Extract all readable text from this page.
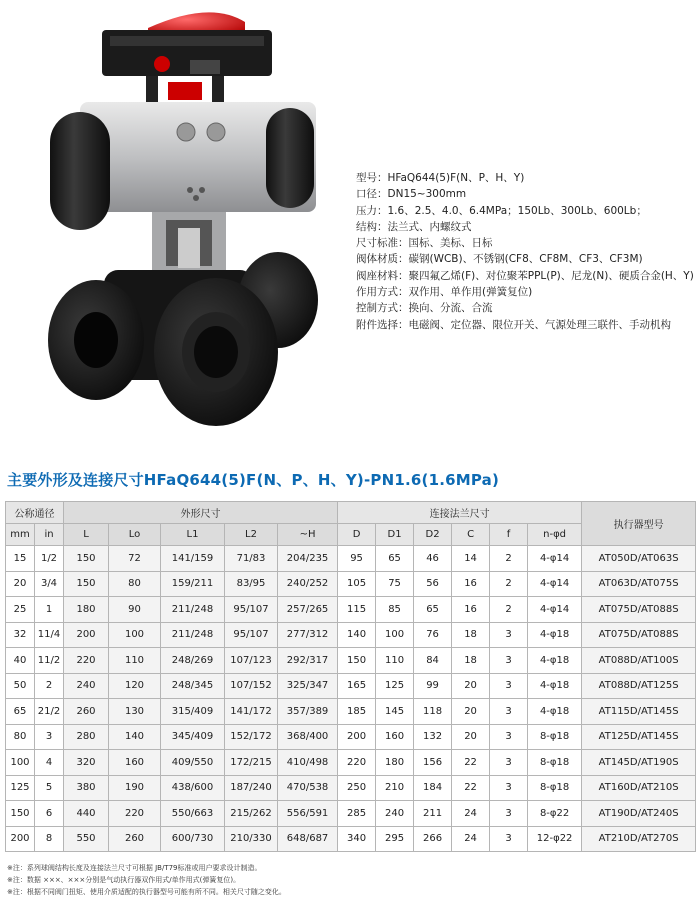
型号：HFaQ644(5)F(N、P、H、Y)
口径：DN15~300mm
压力：1.6、2.5、4.0、6.4MPa；150Lb、300Lb、600Lb；
结构：法兰式、内螺纹式
尺寸标准：国标、美标、日标
阀体材质：碳钢(WCB)、不锈钢(CF8、CF8M、CF3、CF3M)
阀座材料：聚四氟乙烯(F)、对位聚苯PPL(P)、尼龙(N)、硬质合金(H、Y)
作用方式：双作用、单作用(弹簧复位)
控制方式：换向、分流、合流
附件选择：电磁阀、定位器、限位开关、气源处理三联件、手动机构
主要外形及连接尺寸HFaQ644(5)F(N、P、H、Y)-PN1.6(1.6MPa)
公称通径		外形尺寸					连接法兰尺寸						执行器型号
mm	in	L	Lo	L1	L2	~H	D	D1	D2	C	f	n-φd	
15	1/2	150	72	141/159	71/83	204/235	95	65	46	14	2	4-φ14	AT050D/AT063S
20	3/4	150	80	159/211	83/95	240/252	105	75	56	16	2	4-φ14	AT063D/AT075S
25	1	180	90	211/248	95/107	257/265	115	85	65	16	2	4-φ14	AT075D/AT088S
32	11/4	200	100	211/248	95/107	277/312	140	100	76	18	3	4-φ18	AT075D/AT088S
40	11/2	220	110	248/269	107/123	292/317	150	110	84	18	3	4-φ18	AT088D/AT100S
50	2	240	120	248/345	107/152	325/347	165	125	99	20	3	4-φ18	AT088D/AT125S
65	21/2	260	130	315/409	141/172	357/389	185	145	118	20	3	4-φ18	AT115D/AT145S
80	3	280	140	345/409	152/172	368/400	200	160	132	20	3	8-φ18	AT125D/AT145S
100	4	320	160	409/550	172/215	410/498	220	180	156	22	3	8-φ18	AT145D/AT190S
125	5	380	190	438/600	187/240	470/538	250	210	184	22	3	8-φ18	AT160D/AT210S
150	6	440	220	550/663	215/262	556/591	285	240	211	24	3	8-φ22	AT190D/AT240S
200	8	550	260	600/730	210/330	648/687	340	295	266	24	3	12-φ22	AT210D/AT270S
※注：系列球阀结构长度及连接法兰尺寸可根据 JB/T79标准或用户要求设计制造。
※注：数据 ×××、×××分别是气动执行器双作用式/单作用式(弹簧复位)。
※注：根据不同阀门扭矩、使用介质适配的执行器型号可能有所不同。相关尺寸随之变化。
